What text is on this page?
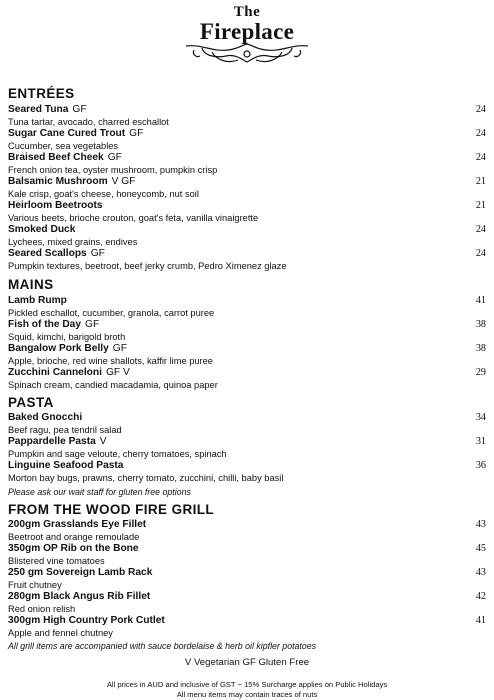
The
Fireplace
ENTRÉES
Seared Tuna GF	24
Tuna tartar, avocado, charred eschallot
Sugar Cane Cured Trout GF	24
Cucumber, sea vegetables
Braised Beef Cheek GF	24
French onion tea, oyster mushroom, pumpkin crisp
Balsamic Mushroom V GF	21
Kale crisp, goat's cheese, honeycomb, nut soil
Heirloom Beetroots	21
Various beets, brioche crouton, goat's feta, vanilla vinaigrette
Smoked Duck	24
Lychees, mixed grains, endives
Seared Scallops GF	24
Pumpkin textures, beetroot, beef jerky crumb, Pedro Ximenez glaze
MAINS
Lamb Rump	41
Pickled eschallot, cucumber, granola, carrot puree
Fish of the Day GF	38
Squid, kimchi, barigold broth
Bangalow Pork Belly GF	38
Apple, brioche, red wine shallots, kaffir lime puree
Zucchini Canneloni GF V	29
Spinach cream, candied macadamia, quinoa paper
PASTA
Baked Gnocchi	34
Beef ragu, pea tendril salad
Pappardelle Pasta V	31
Pumpkin and sage veloute, cherry tomatoes, spinach
Linguine Seafood Pasta	36
Morton bay bugs, prawns, cherry tomato, zucchini, chilli, baby basil
Please ask our wait staff for gluten free options
FROM THE WOOD FIRE GRILL
200gm Grasslands Eye Fillet	43
Beetroot and orange remoulade
350gm OP Rib on the Bone	45
Blistered vine tomatoes
250 gm Sovereign Lamb Rack	43
Fruit chutney
280gm Black Angus Rib Fillet	42
Red onion relish
300gm High Country Pork Cutlet	41
Apple and fennel chutney
All grill items are accompanied with sauce bordelaise & herb oil kipfler potatoes
V Vegetarian GF Gluten Free
All prices in AUD and inclusive of GST ~ 15% Surcharge applies on Public Holidays
All menu items may contain traces of nuts
